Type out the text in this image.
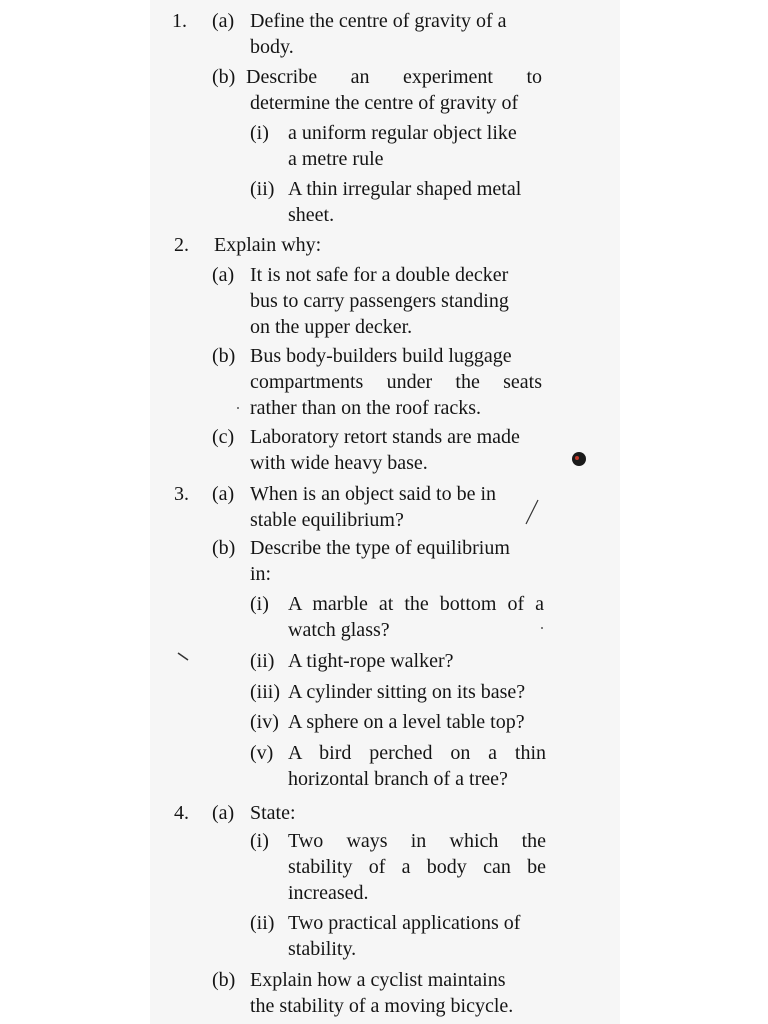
1. (a) Define the centre of gravity of a
body.
(b) Describe an experiment to
determine the centre of gravity of
(i) a uniform regular object like
a metre rule
(ii) A thin irregular shaped metal
sheet.
2. Explain why:
(a) It is not safe for a double decker
bus to carry passengers standing
on the upper decker.
(b) Bus body-builders build luggage
compartments under the seats
rather than on the roof racks.
(c) Laboratory retort stands are made
with wide heavy base.
3. (a) When is an object said to be in
stable equilibrium?
(b) Describe the type of equilibrium
in:
(i) A marble at the bottom of a
watch glass?
(ii) A tight-rope walker?
(iii) A cylinder sitting on its base?
(iv) A sphere on a level table top?
(v) A bird perched on a thin
horizontal branch of a tree?
4. (a) State:
(i) Two ways in which the
stability of a body can be
increased.
(ii) Two practical applications of
stability.
(b) Explain how a cyclist maintains
the stability of a moving bicycle.
